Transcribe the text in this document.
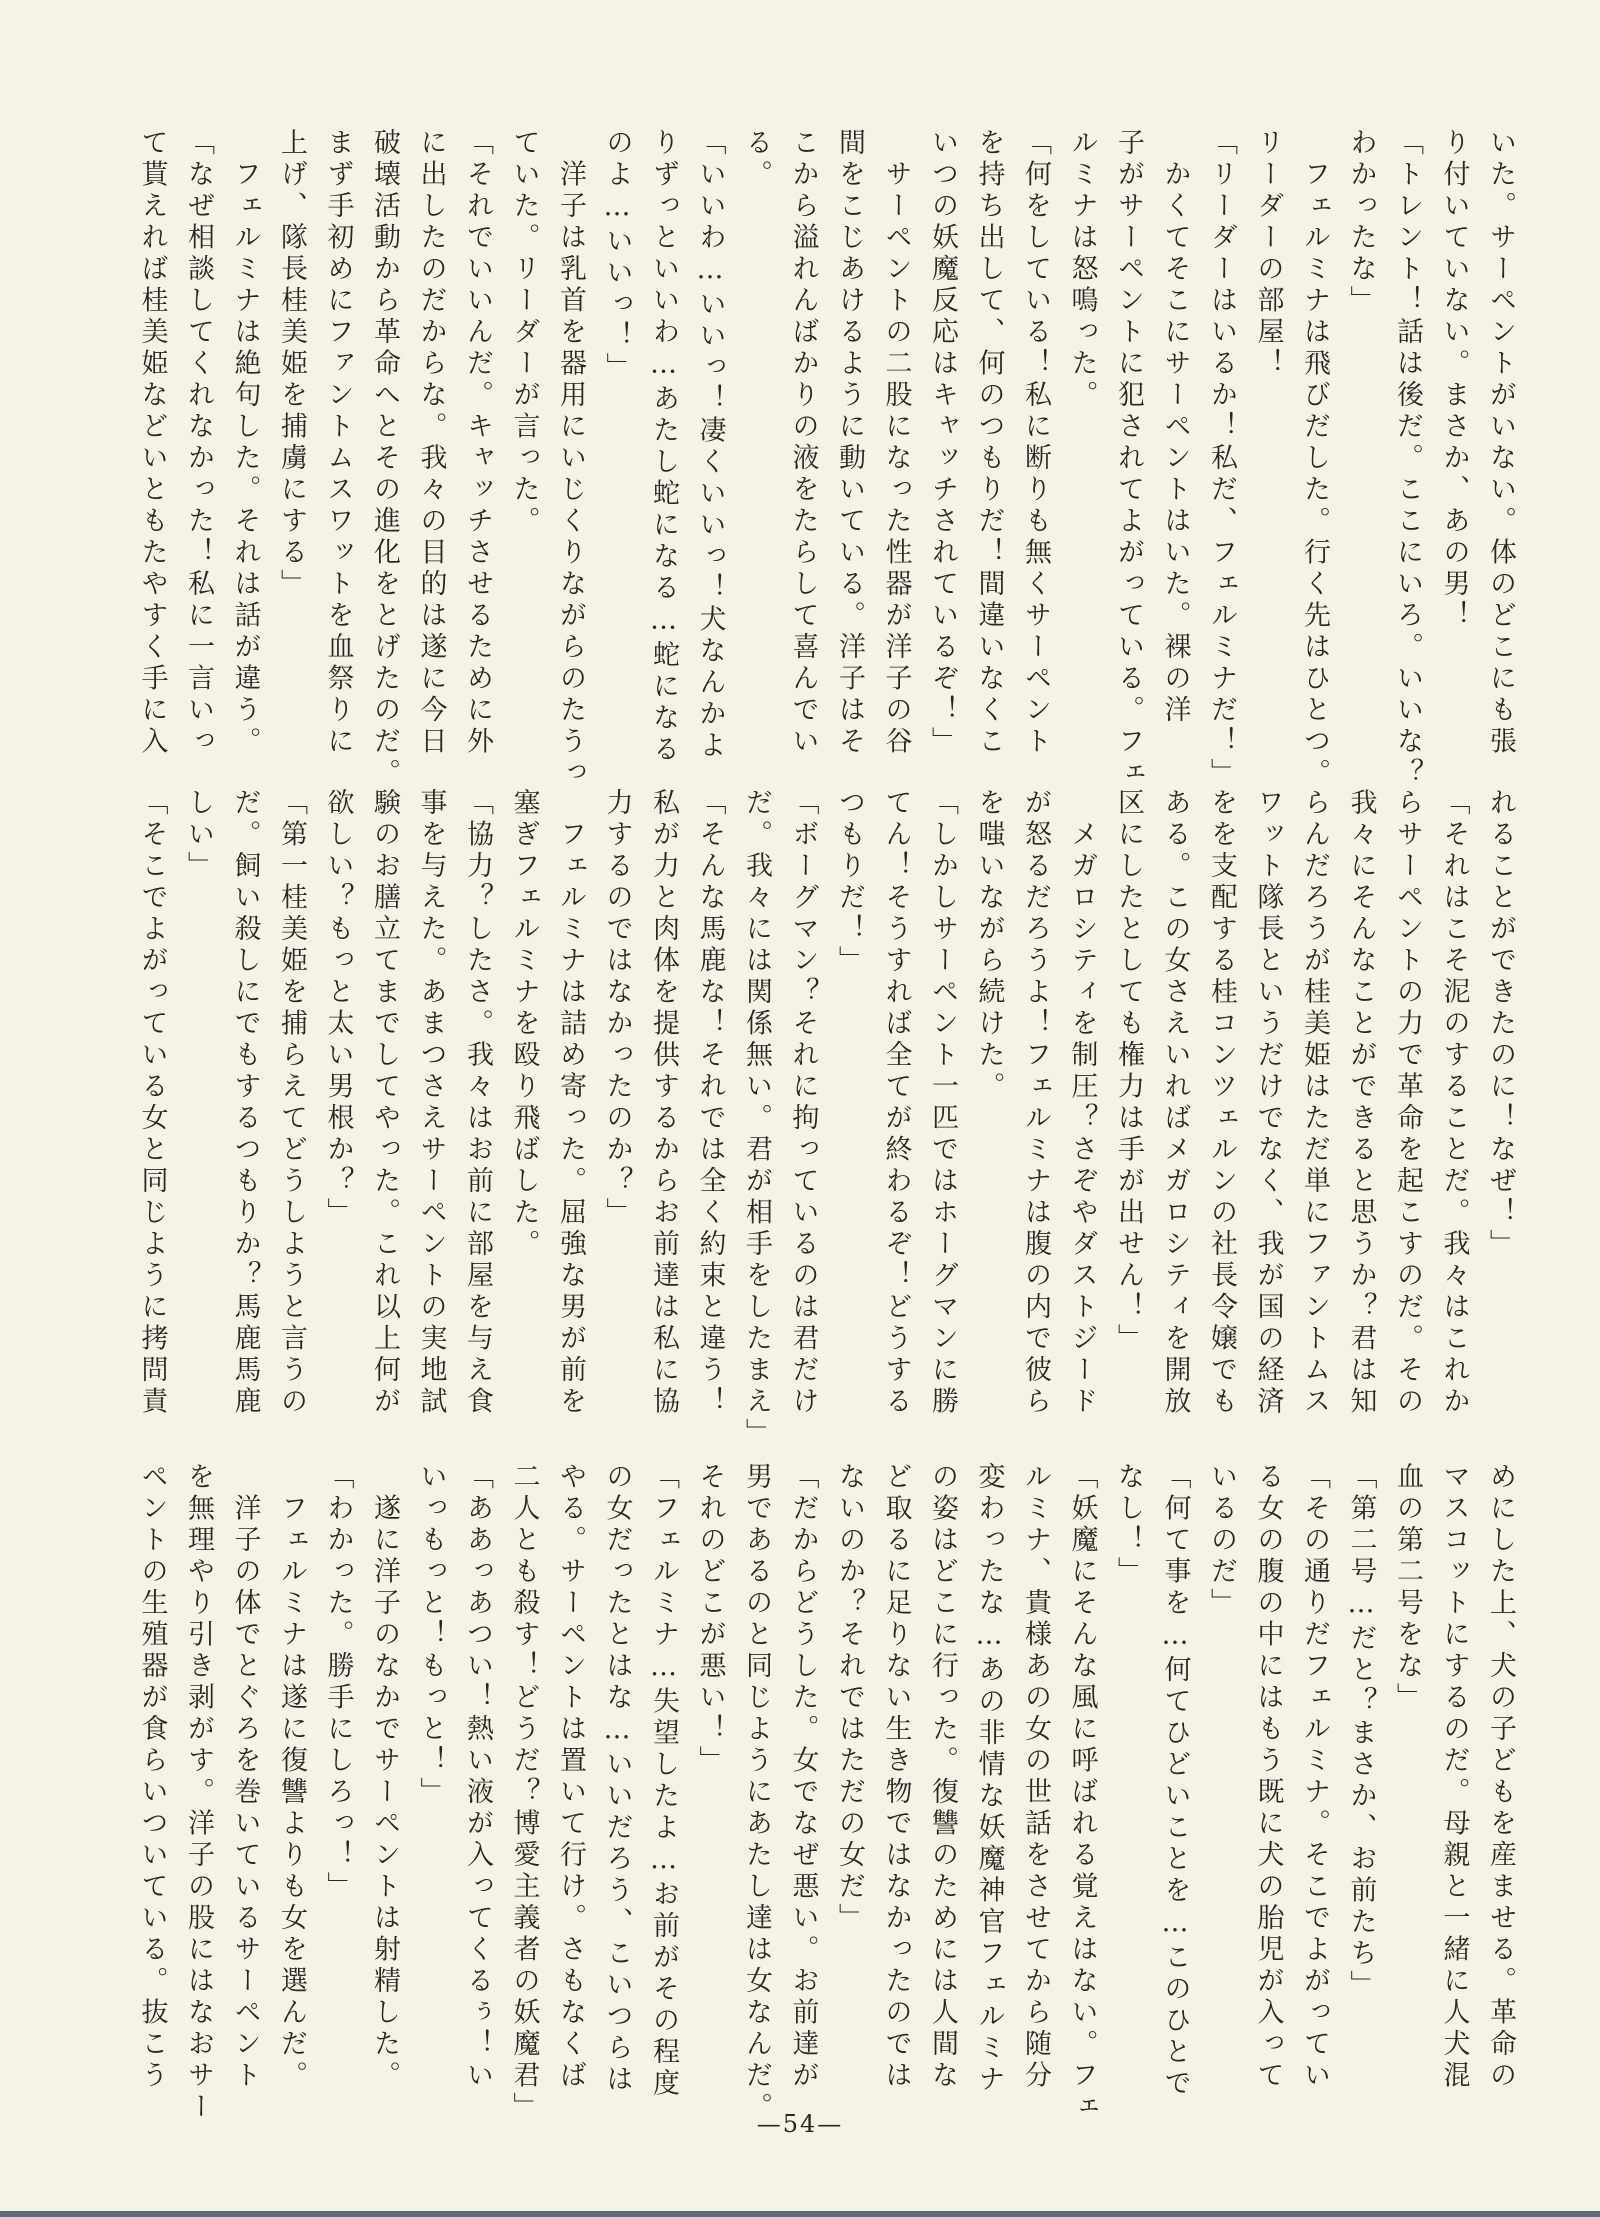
いた。サーペントがいない。体のどこにも張
り付いていない。まさか、あの男！
「トレント！話は後だ。ここにいろ。いいな？
わかったな」
　フェルミナは飛びだした。行く先はひとつ。
リーダーの部屋！
「リーダーはいるか！私だ、フェルミナだ！」
　かくてそこにサーペントはいた。裸の洋
子がサーペントに犯されてよがっている。フェ
ルミナは怒鳴った。
「何をしている！私に断りも無くサーペント
を持ち出して、何のつもりだ！間違いなくこ
いつの妖魔反応はキャッチされているぞ！」
　サーペントの二股になった性器が洋子の谷
間をこじあけるように動いている。洋子はそ
こから溢れんばかりの液をたらして喜んでい
る。
「いいわ…いいっ！凄くいいっ！犬なんかよ
りずっといいわ…あたし蛇になる…蛇になる
のよ…いいっ！」
　洋子は乳首を器用にいじくりながらのたうっ
ていた。リーダーが言った。
「それでいいんだ。キャッチさせるために外
に出したのだからな。我々の目的は遂に今日
破壊活動から革命へとその進化をとげたのだ。
まず手初めにファントムスワットを血祭りに
上げ、隊長桂美姫を捕虜にする」
　フェルミナは絶句した。それは話が違う。
「なぜ相談してくれなかった！私に一言いっ
て貰えれば桂美姫などいともたやすく手に入
れることができたのに！なぜ！」
「それはこそ泥のすることだ。我々はこれか
らサーペントの力で革命を起こすのだ。その
我々にそんなことができると思うか？君は知
らんだろうが桂美姫はただ単にファントムス
ワット隊長というだけでなく、我が国の経済
をを支配する桂コンツェルンの社長令嬢でも
ある。この女さえいればメガロシティを開放
区にしたとしても権力は手が出せん！」
　メガロシティを制圧？さぞやダストジード
が怒るだろうよ！フェルミナは腹の内で彼ら
を嗤いながら続けた。
「しかしサーペント一匹ではホーグマンに勝
てん！そうすれば全てが終わるぞ！どうする
つもりだ！」
「ボーグマン？それに拘っているのは君だけ
だ。我々には関係無い。君が相手をしたまえ」
「そんな馬鹿な！それでは全く約束と違う！
私が力と肉体を提供するからお前達は私に協
力するのではなかったのか？」
　フェルミナは詰め寄った。屈強な男が前を
塞ぎフェルミナを殴り飛ばした。
「協力？したさ。我々はお前に部屋を与え食
事を与えた。あまつさえサーペントの実地試
験のお膳立てまでしてやった。これ以上何が
欲しい？もっと太い男根か？」
「第一桂美姫を捕らえてどうしようと言うの
だ。飼い殺しにでもするつもりか？馬鹿馬鹿
しい」
「そこでよがっている女と同じように拷問責
めにした上、犬の子どもを産ませる。革命の
マスコットにするのだ。母親と一緒に人犬混
血の第二号をな」
「第二号…だと？まさか、お前たち」
「その通りだフェルミナ。そこでよがってい
る女の腹の中にはもう既に犬の胎児が入って
いるのだ」
「何て事を…何てひどいことを…このひとで
なし！」
「妖魔にそんな風に呼ばれる覚えはない。フェ
ルミナ、貴様あの女の世話をさせてから随分
変わったな…あの非情な妖魔神官フェルミナ
の姿はどこに行った。復讐のためには人間な
ど取るに足りない生き物ではなかったのでは
ないのか？それではただの女だ」
「だからどうした。女でなぜ悪い。お前達が
男であるのと同じようにあたし達は女なんだ。
それのどこが悪い！」
「フェルミナ…失望したよ…お前がその程度
の女だったとはな…いいだろう、こいつらは
やる。サーペントは置いて行け。さもなくば
二人とも殺す！どうだ？博愛主義者の妖魔君」
「ああっあつい！熱い液が入ってくるぅ！い
いっもっと！もっと！」
　遂に洋子のなかでサーペントは射精した。
「わかった。勝手にしろっ！」
　フェルミナは遂に復讐よりも女を選んだ。
　洋子の体でとぐろを巻いているサーペント
を無理やり引き剥がす。洋子の股にはなおサー
ペントの生殖器が食らいついている。抜こう
—54—
